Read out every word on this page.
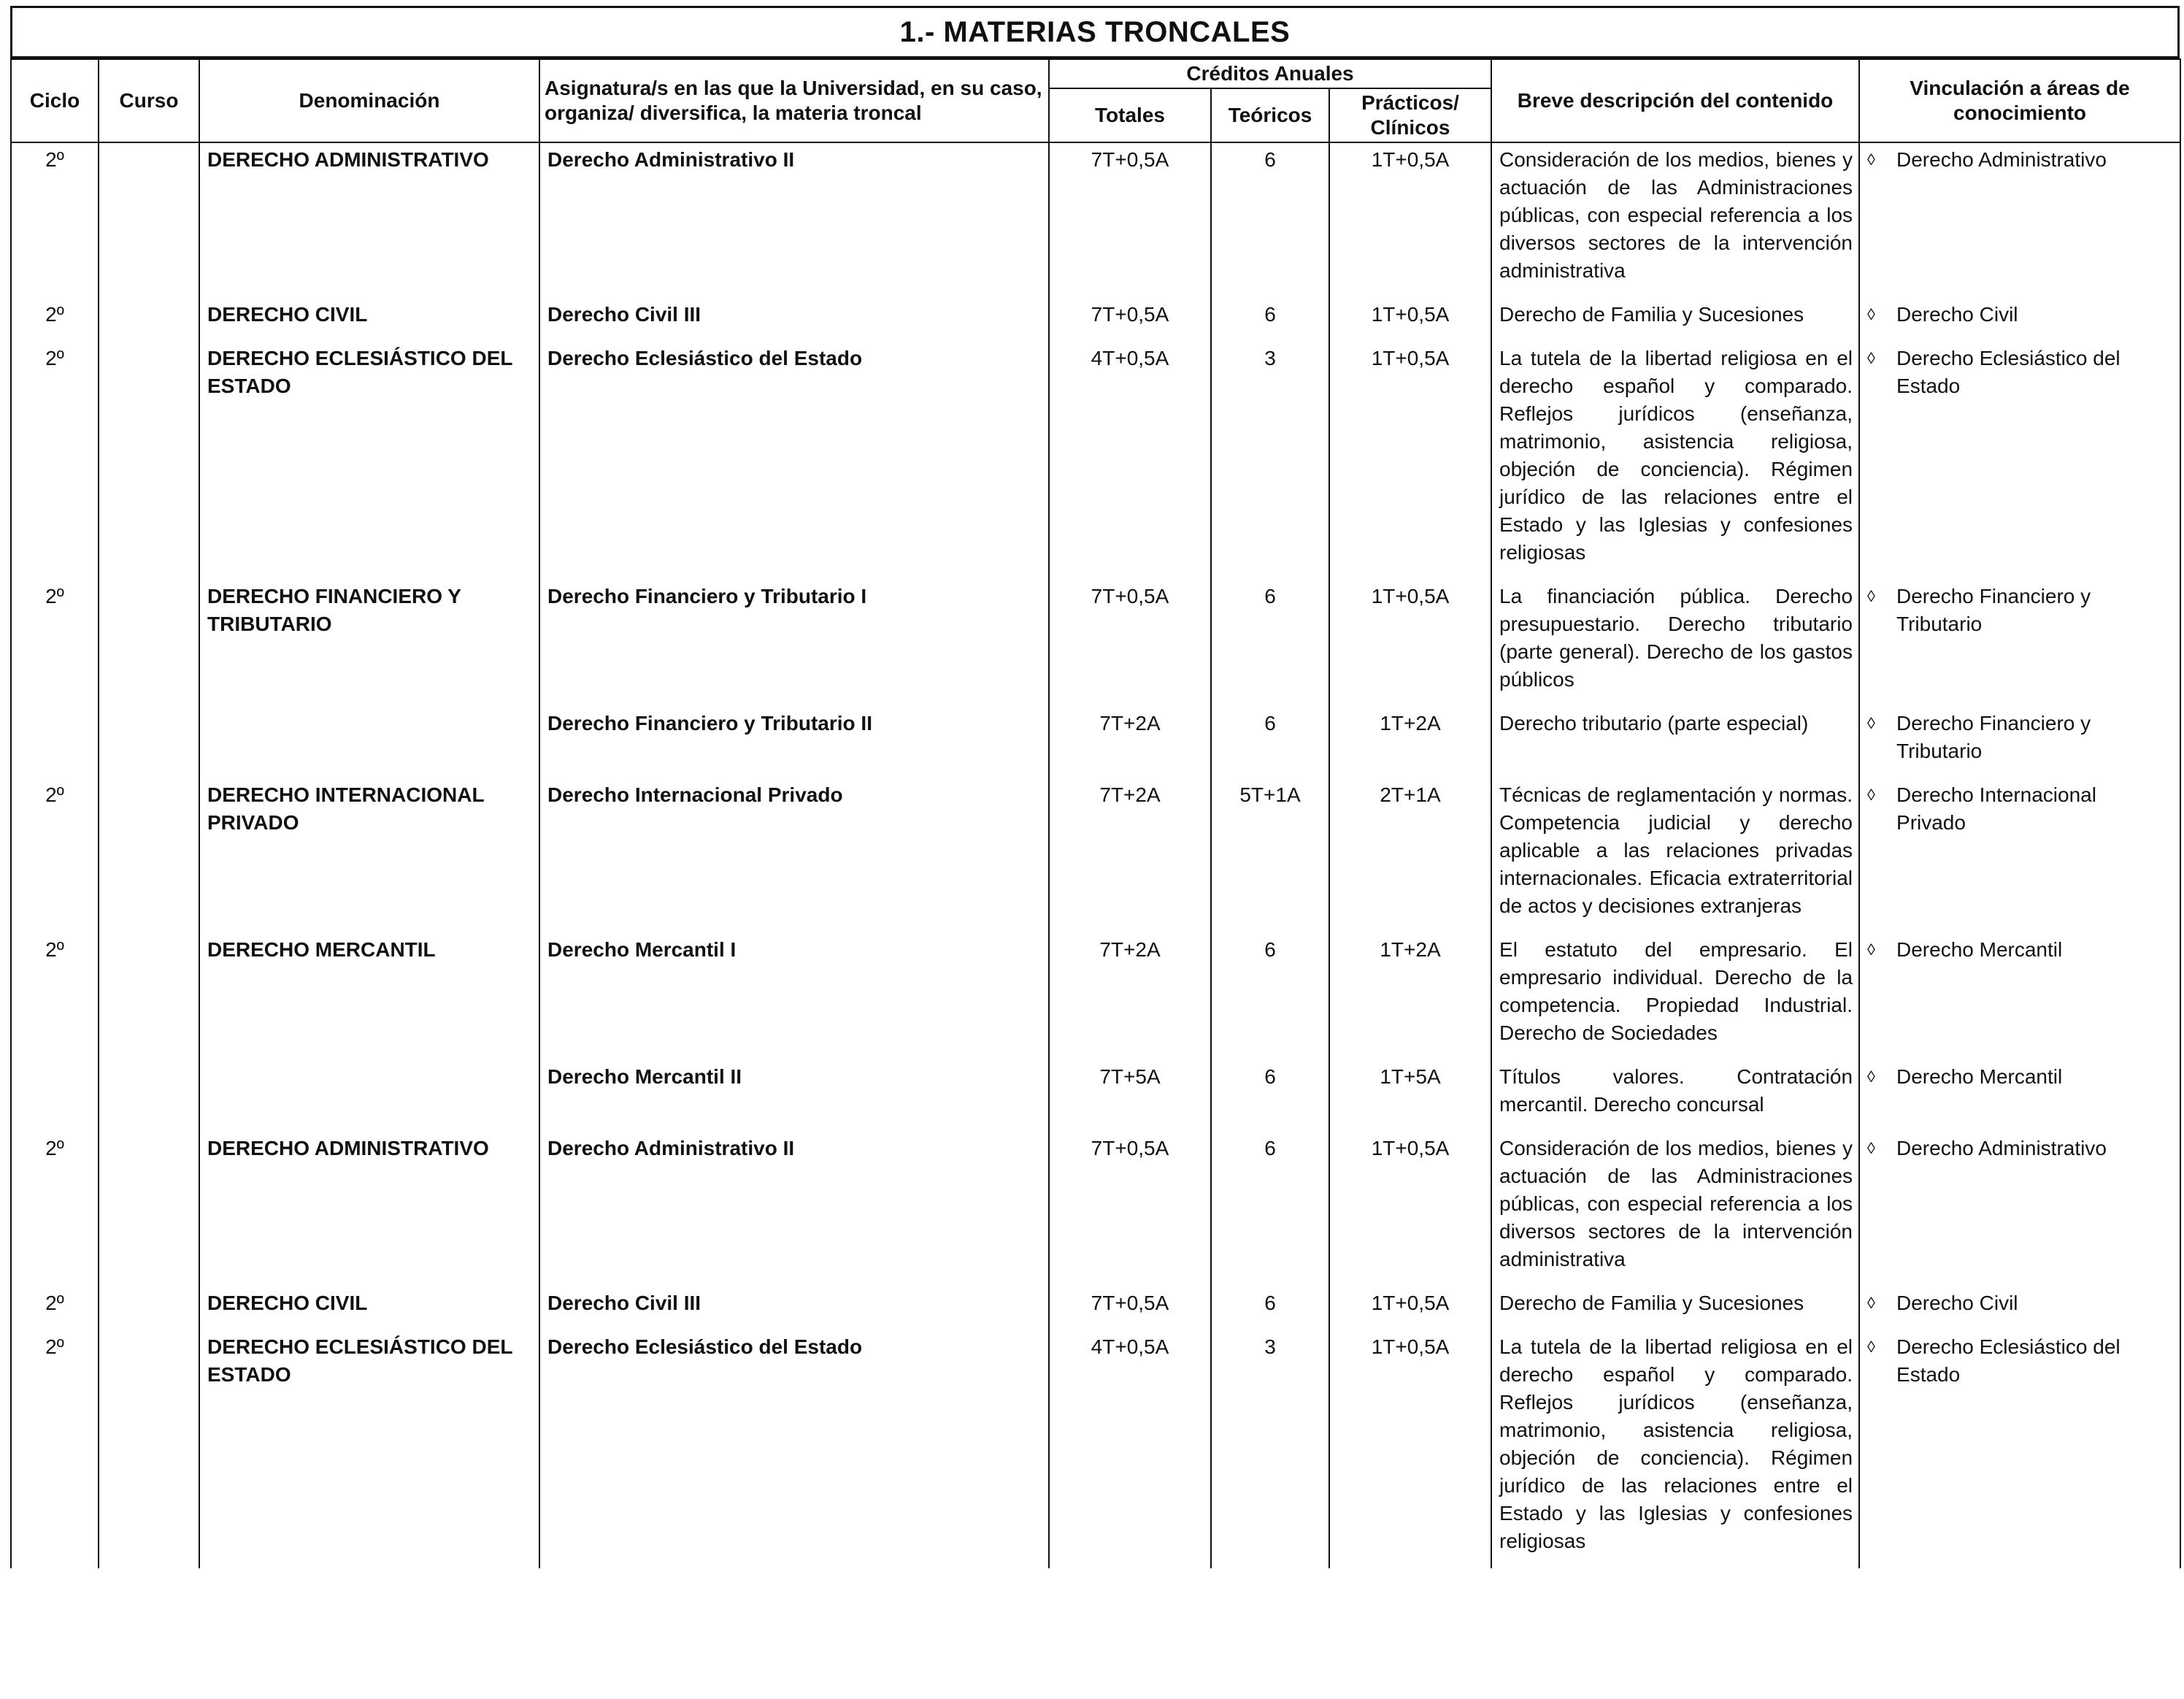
1.- MATERIAS TRONCALES
Ciclo	Curso	Denominación	Asignatura/s en las que la Universidad, en su caso, organiza/ diversifica, la materia troncal	Créditos Anuales			Breve descripción del contenido	Vinculación a áreas de conocimiento
				Totales	Teóricos	Prácticos/ Clínicos		
2º		DERECHO ADMINISTRATIVO	Derecho Administrativo II	7T+0,5A	6	1T+0,5A	Consideración de los medios, bienes y actuación de las Administraciones públicas, con especial referencia a los diversos sectores de la intervención administrativa	◊ Derecho Administrativo
2º		DERECHO CIVIL	Derecho Civil III	7T+0,5A	6	1T+0,5A	Derecho de Familia y Sucesiones	◊ Derecho Civil
2º		DERECHO ECLESIÁSTICO DEL ESTADO	Derecho Eclesiástico del Estado	4T+0,5A	3	1T+0,5A	La tutela de la libertad religiosa en el derecho español y comparado. Reflejos jurídicos (enseñanza, matrimonio, asistencia religiosa, objeción de conciencia). Régimen jurídico de las relaciones entre el Estado y las Iglesias y confesiones religiosas	◊ Derecho Eclesiástico del Estado
2º		DERECHO FINANCIERO Y TRIBUTARIO	Derecho Financiero y Tributario I	7T+0,5A	6	1T+0,5A	La financiación pública. Derecho presupuestario. Derecho tributario (parte general). Derecho de los gastos públicos	◊ Derecho Financiero y Tributario
			Derecho Financiero y Tributario II	7T+2A	6	1T+2A	Derecho tributario (parte especial)	◊ Derecho Financiero y Tributario
2º		DERECHO INTERNACIONAL PRIVADO	Derecho Internacional Privado	7T+2A	5T+1A	2T+1A	Técnicas de reglamentación y normas. Competencia judicial y derecho aplicable a las relaciones privadas internacionales. Eficacia extraterritorial de actos y decisiones extranjeras	◊ Derecho Internacional Privado
2º		DERECHO MERCANTIL	Derecho Mercantil I	7T+2A	6	1T+2A	El estatuto del empresario. El empresario individual. Derecho de la competencia. Propiedad Industrial. Derecho de Sociedades	◊ Derecho Mercantil
			Derecho Mercantil II	7T+5A	6	1T+5A	Títulos valores. Contratación mercantil. Derecho concursal	◊ Derecho Mercantil
2º		DERECHO ADMINISTRATIVO	Derecho Administrativo II	7T+0,5A	6	1T+0,5A	Consideración de los medios, bienes y actuación de las Administraciones públicas, con especial referencia a los diversos sectores de la intervención administrativa	◊ Derecho Administrativo
2º		DERECHO CIVIL	Derecho Civil III	7T+0,5A	6	1T+0,5A	Derecho de Familia y Sucesiones	◊ Derecho Civil
2º		DERECHO ECLESIÁSTICO DEL ESTADO	Derecho Eclesiástico del Estado	4T+0,5A	3	1T+0,5A	La tutela de la libertad religiosa en el derecho español y comparado. Reflejos jurídicos (enseñanza, matrimonio, asistencia religiosa, objeción de conciencia). Régimen jurídico de las relaciones entre el Estado y las Iglesias y confesiones religiosas	◊ Derecho Eclesiástico del Estado
